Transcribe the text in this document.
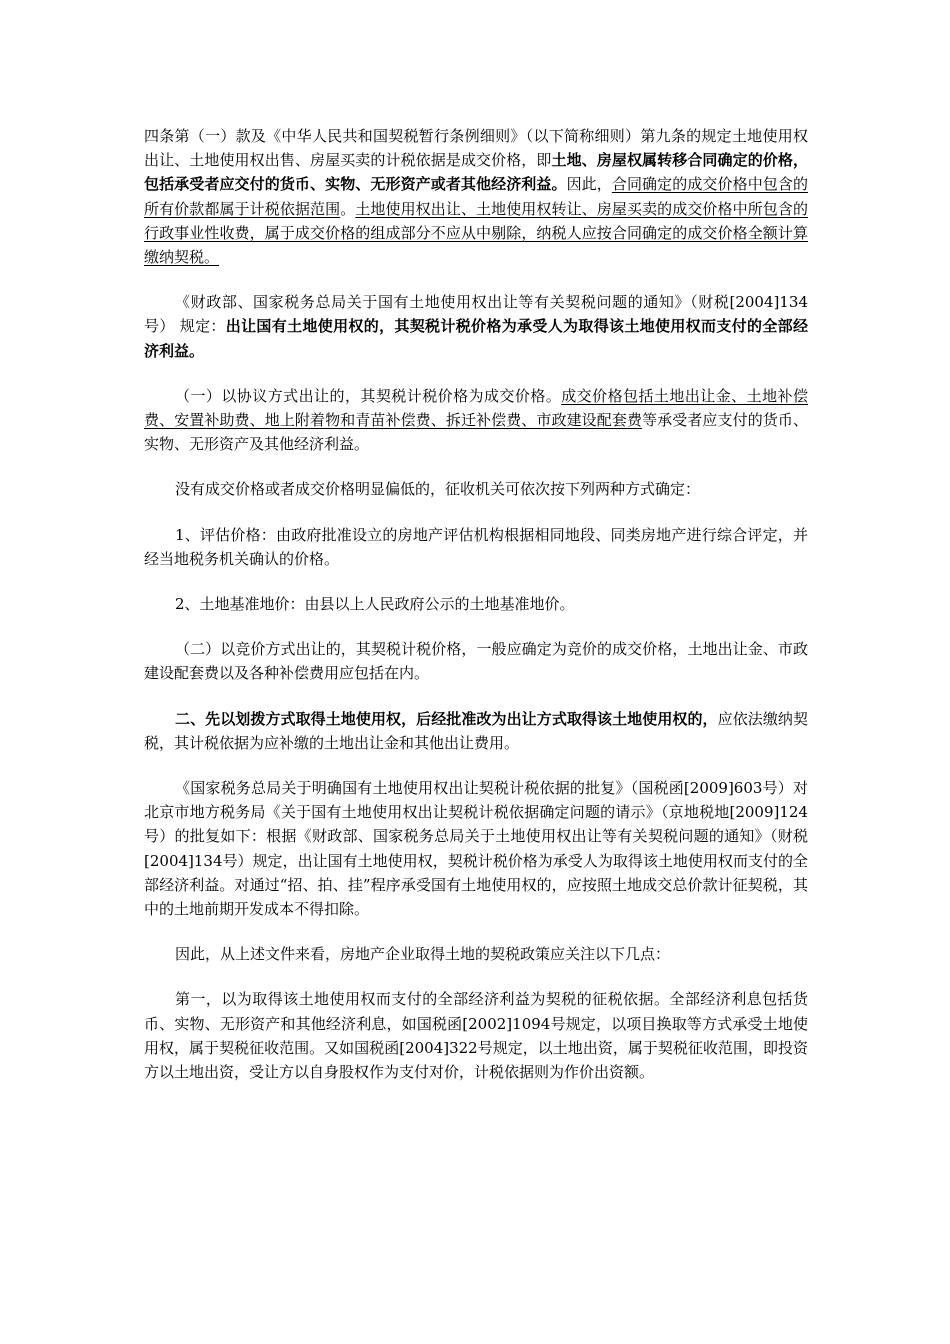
四条第（一）款及《中华人民共和国契税暂行条例细则》（以下简称细则）第九条的规定土地使用权出让、土地使用权出售、房屋买卖的计税依据是成交价格，即土地、房屋权属转移合同确定的价格，包括承受者应交付的货币、实物、无形资产或者其他经济利益。因此，合同确定的成交价格中包含的所有价款都属于计税依据范围。土地使用权出让、土地使用权转让、房屋买卖的成交价格中所包含的行政事业性收费，属于成交价格的组成部分不应从中剔除，纳税人应按合同确定的成交价格全额计算缴纳契税。

《财政部、国家税务总局关于国有土地使用权出让等有关契税问题的通知》（财税[2004]134号） 规定：出让国有土地使用权的，其契税计税价格为承受人为取得该土地使用权而支付的全部经济利益。

（一）以协议方式出让的，其契税计税价格为成交价格。成交价格包括土地出让金、土地补偿费、安置补助费、地上附着物和青苗补偿费、拆迁补偿费、市政建设配套费等承受者应支付的货币、实物、无形资产及其他经济利益。

没有成交价格或者成交价格明显偏低的，征收机关可依次按下列两种方式确定：

1、评估价格：由政府批准设立的房地产评估机构根据相同地段、同类房地产进行综合评定，并经当地税务机关确认的价格。

2、土地基准地价：由县以上人民政府公示的土地基准地价。

（二）以竞价方式出让的，其契税计税价格，一般应确定为竞价的成交价格，土地出让金、市政建设配套费以及各种补偿费用应包括在内。

二、先以划拨方式取得土地使用权，后经批准改为出让方式取得该土地使用权的，应依法缴纳契税，其计税依据为应补缴的土地出让金和其他出让费用。

《国家税务总局关于明确国有土地使用权出让契税计税依据的批复》（国税函[2009]603号）对北京市地方税务局《关于国有土地使用权出让契税计税依据确定问题的请示》（京地税地[2009]124号）的批复如下：根据《财政部、国家税务总局关于土地使用权出让等有关契税问题的通知》（财税[2004]134号）规定，出让国有土地使用权，契税计税价格为承受人为取得该土地使用权而支付的全部经济利益。对通过“招、拍、挂”程序承受国有土地使用权的，应按照土地成交总价款计征契税，其中的土地前期开发成本不得扣除。

因此，从上述文件来看，房地产企业取得土地的契税政策应关注以下几点：

第一，以为取得该土地使用权而支付的全部经济利益为契税的征税依据。全部经济利息包括货币、实物、无形资产和其他经济利息，如国税函[2002]1094号规定，以项目换取等方式承受土地使用权，属于契税征收范围。又如国税函[2004]322号规定，以土地出资，属于契税征收范围，即投资方以土地出资，受让方以自身股权作为支付对价，计税依据则为作价出资额。
